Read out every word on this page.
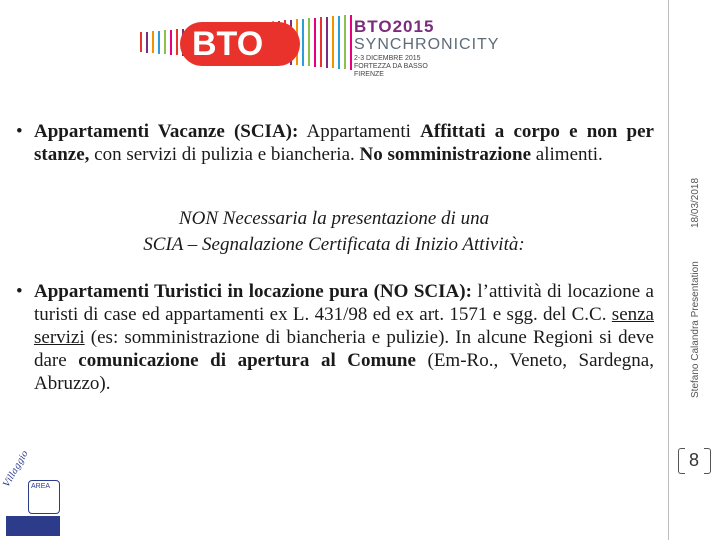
BTO	BTO2015
SYNCHRONICITY
2-3 DICEMBRE 2015
FORTEZZA DA BASSO
FIRENZE

• Appartamenti Vacanze (SCIA): Appartamenti Affittati a corpo e non per stanze, con servizi di pulizia e biancheria. No somministrazione alimenti.

NON Necessaria la presentazione di una
SCIA – Segnalazione Certificata di Inizio Attività:

• Appartamenti Turistici in locazione pura (NO SCIA): l’attività di locazione a turisti di case ed appartamenti ex L. 431/98 ed ex art. 1571 e sgg. del C.C. senza servizi (es: somministrazione di biancheria e pulizie). In alcune Regioni si deve dare comunicazione di apertura al Comune (Em-Ro., Veneto, Sardegna, Abruzzo).

18/03/2018
Stefano Calandra Presentation
8
Villaggio AREA
